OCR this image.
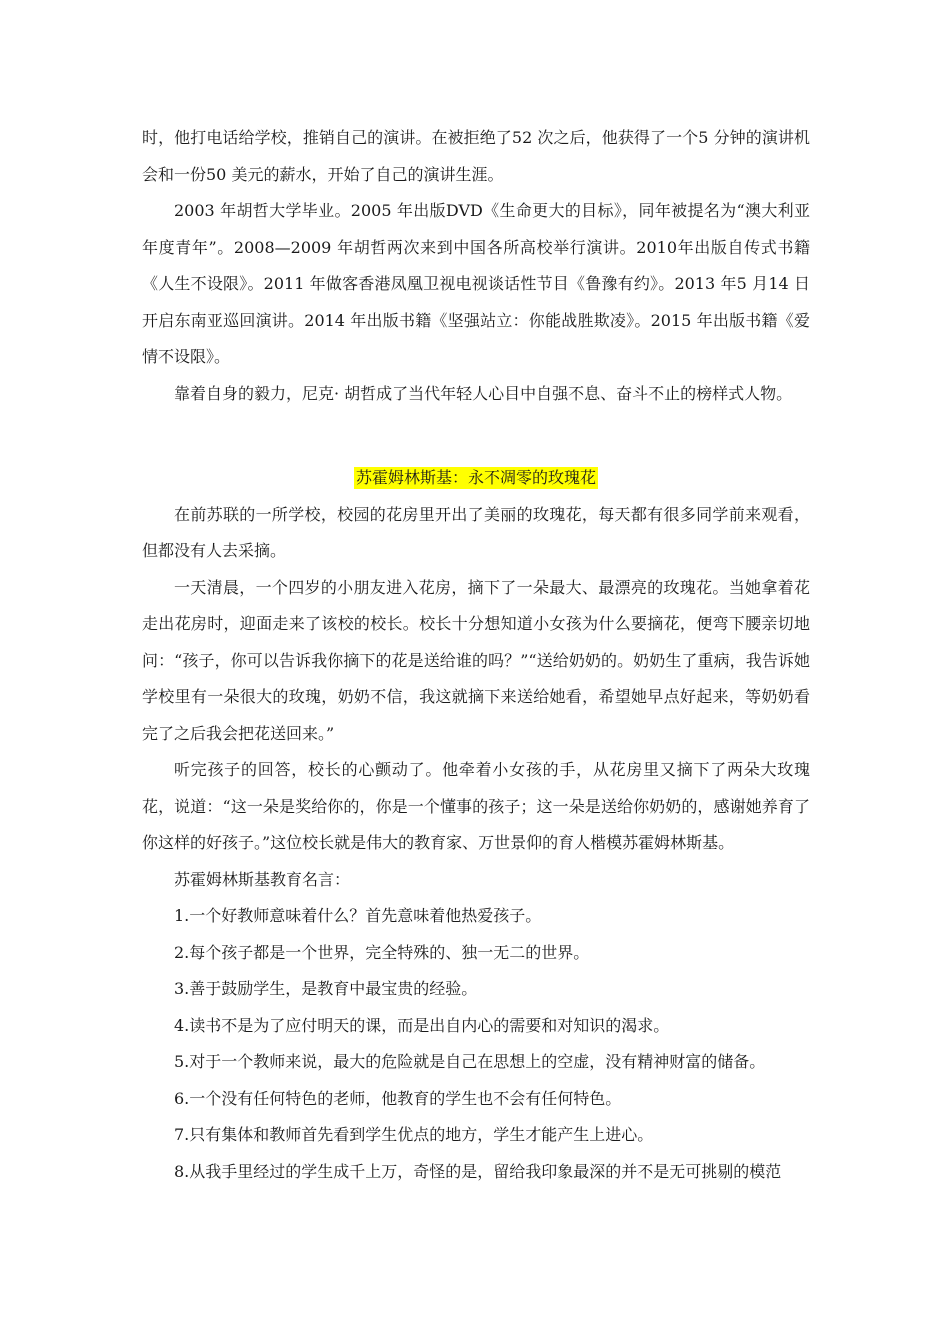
时，他打电话给学校，推销自己的演讲。在被拒绝了52 次之后，他获得了一个5 分钟的演讲机会和一份50 美元的薪水，开始了自己的演讲生涯。

2003 年胡哲大学毕业。2005 年出版DVD《生命更大的目标》，同年被提名为“澳大利亚年度青年”。2008—2009 年胡哲两次来到中国各所高校举行演讲。2010年出版自传式书籍《人生不设限》。2011 年做客香港凤凰卫视电视谈话性节目《鲁豫有约》。2013 年5 月14 日开启东南亚巡回演讲。2014 年出版书籍《坚强站立：你能战胜欺凌》。2015 年出版书籍《爱情不设限》。

靠着自身的毅力，尼克· 胡哲成了当代年轻人心目中自强不息、奋斗不止的榜样式人物。

苏霍姆林斯基：永不凋零的玫瑰花

在前苏联的一所学校，校园的花房里开出了美丽的玫瑰花，每天都有很多同学前来观看，但都没有人去采摘。

一天清晨，一个四岁的小朋友进入花房，摘下了一朵最大、最漂亮的玫瑰花。当她拿着花走出花房时，迎面走来了该校的校长。校长十分想知道小女孩为什么要摘花，便弯下腰亲切地问：“孩子，你可以告诉我你摘下的花是送给谁的吗？”“送给奶奶的。奶奶生了重病，我告诉她学校里有一朵很大的玫瑰，奶奶不信，我这就摘下来送给她看，希望她早点好起来，等奶奶看完了之后我会把花送回来。”

听完孩子的回答，校长的心颤动了。他牵着小女孩的手，从花房里又摘下了两朵大玫瑰花，说道：“这一朵是奖给你的，你是一个懂事的孩子；这一朵是送给你奶奶的，感谢她养育了你这样的好孩子。”这位校长就是伟大的教育家、万世景仰的育人楷模苏霍姆林斯基。

苏霍姆林斯基教育名言：

1.一个好教师意味着什么？首先意味着他热爱孩子。

2.每个孩子都是一个世界，完全特殊的、独一无二的世界。

3.善于鼓励学生，是教育中最宝贵的经验。

4.读书不是为了应付明天的课，而是出自内心的需要和对知识的渴求。

5.对于一个教师来说，最大的危险就是自己在思想上的空虚，没有精神财富的储备。

6.一个没有任何特色的老师，他教育的学生也不会有任何特色。

7.只有集体和教师首先看到学生优点的地方，学生才能产生上进心。

8.从我手里经过的学生成千上万，奇怪的是，留给我印象最深的并不是无可挑剔的模范
